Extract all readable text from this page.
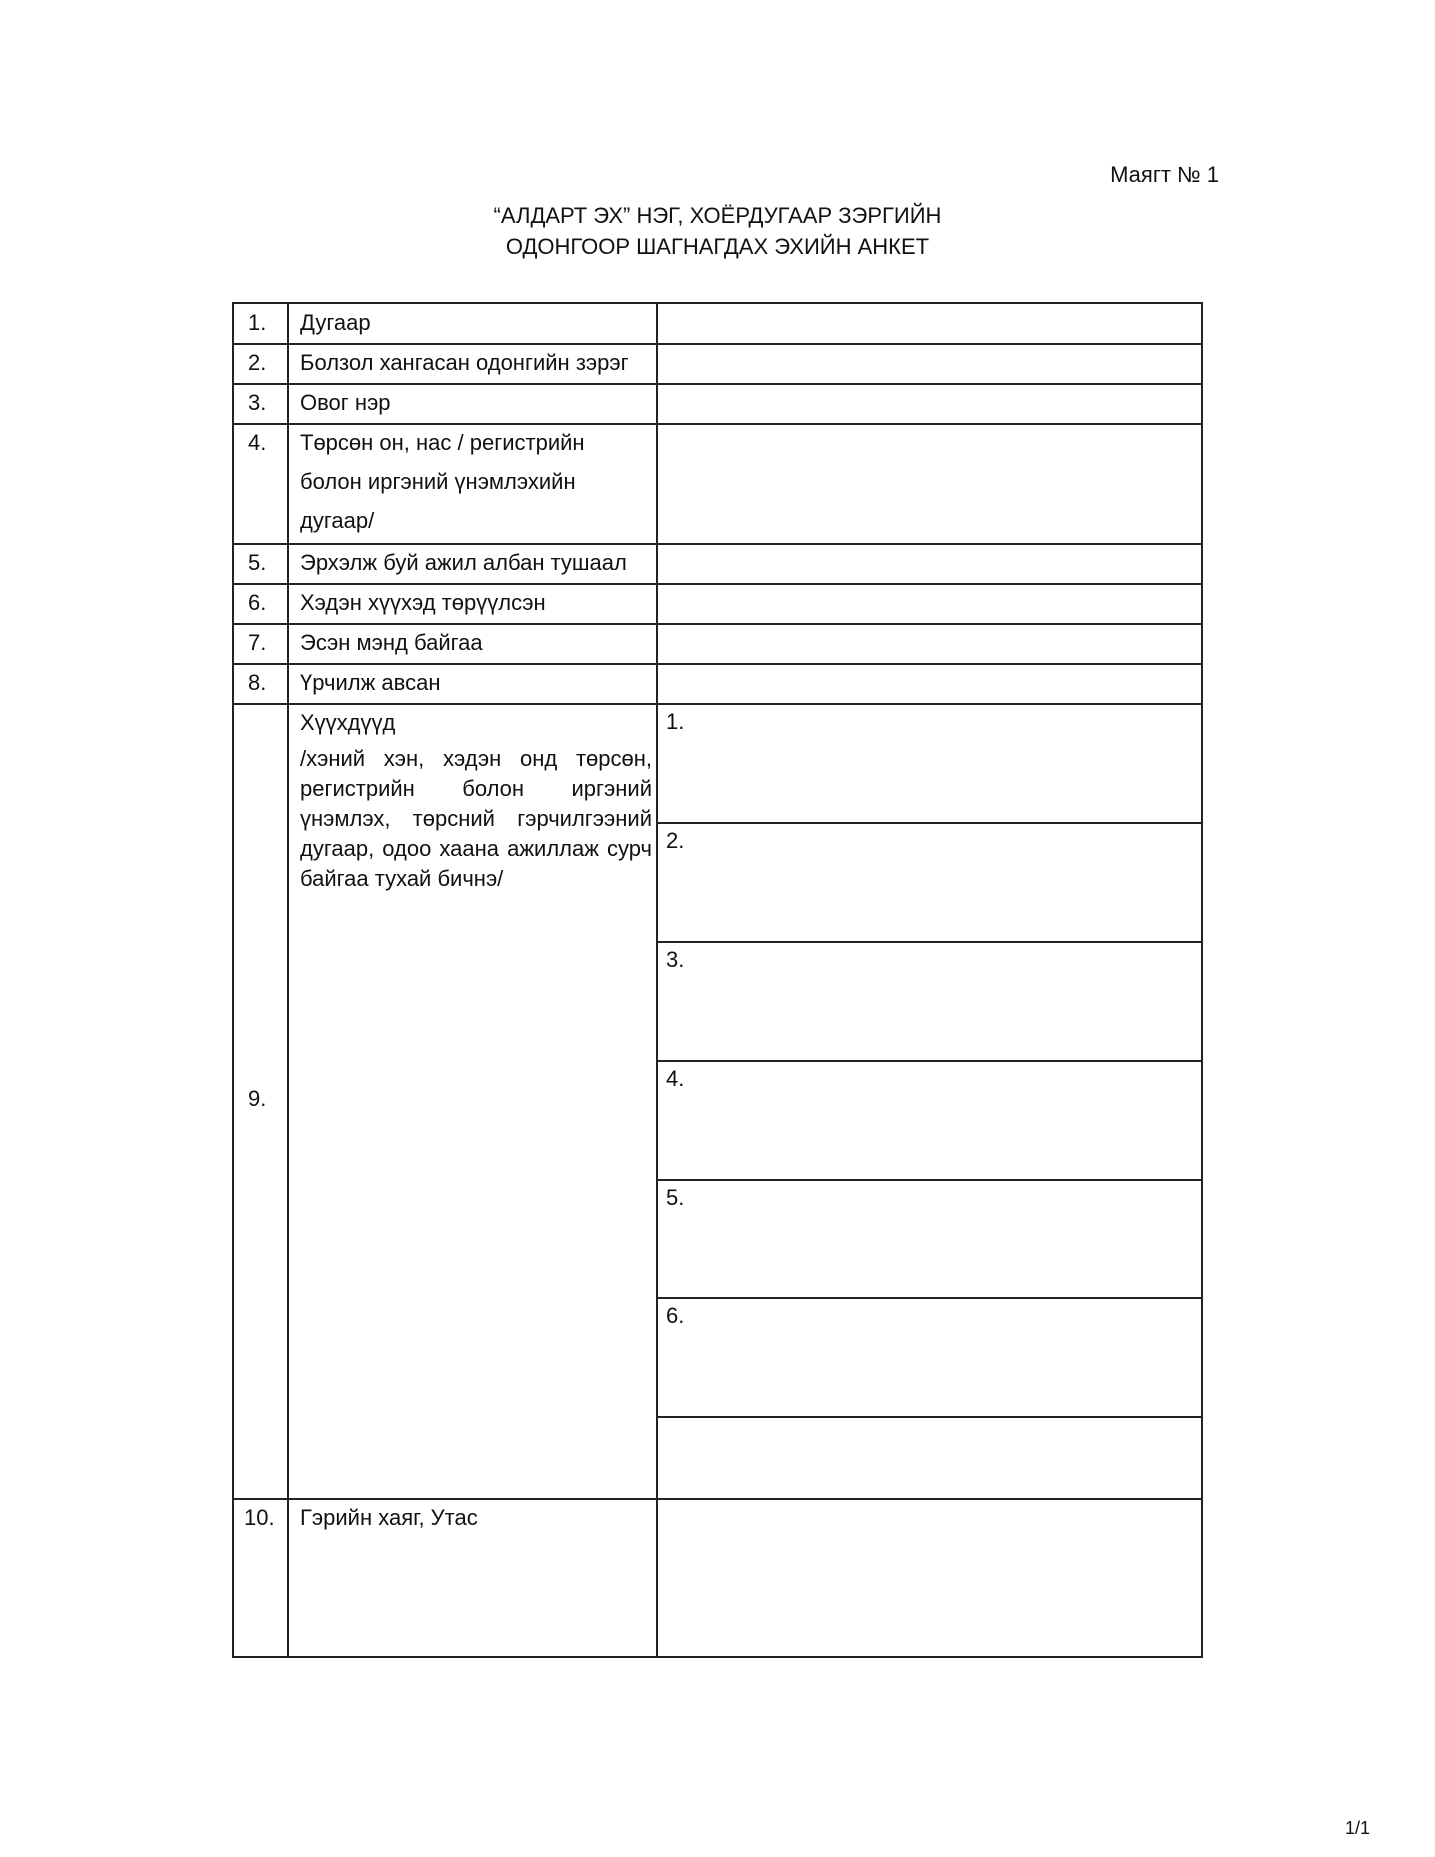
Маягт № 1
“АЛДАРТ ЭХ” НЭГ, ХОЁРДУГААР ЗЭРГИЙН
ОДОНГООР ШАГНАГДАХ ЭХИЙН АНКЕТ
1. Дугаар
2. Болзол хангасан одонгийн зэрэг
3. Овог нэр
4. Төрсөн он, нас / регистрийн
болон иргэний үнэмлэхийн
дугаар/
5. Эрхэлж буй ажил албан тушаал
6. Хэдэн хүүхэд төрүүлсэн
7. Эсэн мэнд байгаа
8. Үрчилж авсан
9.
Хүүхдүүд
/хэний хэн, хэдэн онд төрсөн, регистрийн болон иргэний үнэмлэх, төрсний гэрчилгээний дугаар, одоо хаана ажиллаж сурч байгаа тухай бичнэ/
1.
2.
3.
4.
5.
6.
10. Гэрийн хаяг, Утас
1/1
